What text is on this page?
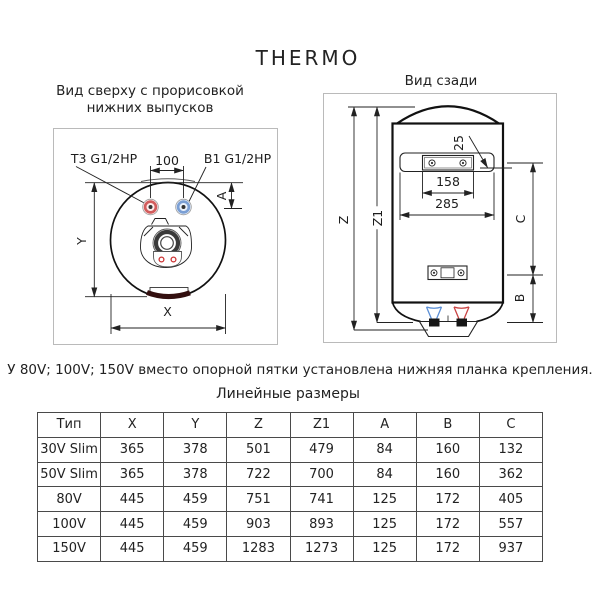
THERMO
Вид сверху с прорисовкой
нижних выпусков
Вид сзади
Т3 G1/2HP	В1 G1/2HP
100
А
Y
X
25
158
285
Z Z1	С
В
У 80V; 100V; 150V вместо опорной пятки установлена нижняя планка крепления.
Линейные размеры
Тип	X	Y	Z	Z1	А	В	С
30V Slim	365	378	501	479	84	160	132
50V Slim	365	378	722	700	84	160	362
80V	445	459	751	741	125	172	405
100V	445	459	903	893	125	172	557
150V	445	459	1283	1273	125	172	937
